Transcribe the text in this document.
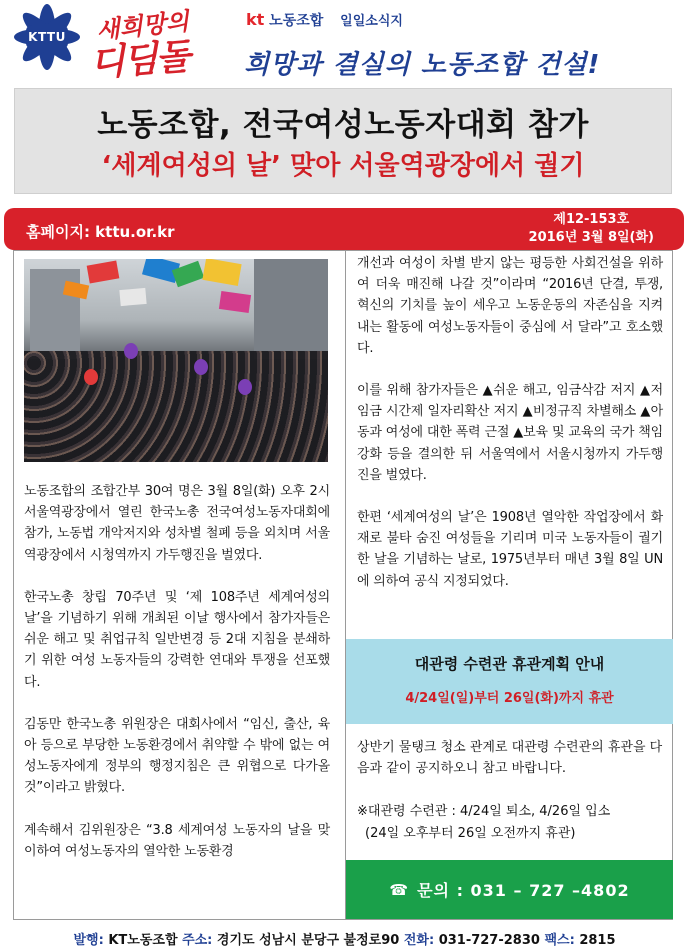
KTTU 새희망의
디딤돌
kt 노동조합 일일소식지
희망과 결실의 노동조합 건설!
노동조합, 전국여성노동자대회 참가
‘세계여성의 날’ 맞아 서울역광장에서 궐기
홈페이지: kttu.or.kr
제12-153호
2016년 3월 8일(화)

노동조합의 조합간부 30여 명은 3월 8일(화) 오후 2시 서울역광장에서 열린 한국노총 전국여성노동자대회에 참가, 노동법 개악저지와 성차별 철폐 등을 외치며 서울역광장에서 시청역까지 가두행진을 벌였다.

한국노총 창립 70주년 및 ‘제 108주년 세계여성의 날’을 기념하기 위해 개최된 이날 행사에서 참가자들은 쉬운 해고 및 취업규칙 일반변경 등 2대 지침을 분쇄하기 위한 여성 노동자들의 강력한 연대와 투쟁을 선포했다.

김동만 한국노총 위원장은 대회사에서 “임신, 출산, 육아 등으로 부당한 노동환경에서 취약할 수 밖에 없는 여성노동자에게 정부의 행정지침은 큰 위협으로 다가올 것”이라고 밝혔다.

계속해서 김위원장은 “3.8 세계여성 노동자의 날을 맞이하여 여성노동자의 열악한 노동환경

개선과 여성이 차별 받지 않는 평등한 사회건설을 위하여 더욱 매진해 나갈 것”이라며 “2016년 단결, 투쟁, 혁신의 기치를 높이 세우고 노동운동의 자존심을 지켜내는 활동에 여성노동자들이 중심에 서 달라”고 호소했다.

이를 위해 참가자들은 ▲쉬운 해고, 임금삭감 저지 ▲저임금 시간제 일자리확산 저지 ▲비정규직 차별해소 ▲아동과 여성에 대한 폭력 근절 ▲보육 및 교육의 국가 책임 강화 등을 결의한 뒤 서울역에서 서울시청까지 가두행진을 벌였다.

한편 ‘세계여성의 날’은 1908년 열악한 작업장에서 화재로 불타 숨진 여성들을 기리며 미국 노동자들이 궐기한 날을 기념하는 날로, 1975년부터 매년 3월 8일 UN에 의하여 공식 지정되었다.

대관령 수련관 휴관계획 안내
4/24일(일)부터 26일(화)까지 휴관
상반기 물탱크 청소 관계로 대관령 수련관의 휴관을 다음과 같이 공지하오니 참고 바랍니다.
※대관령 수련관 : 4/24일 퇴소, 4/26일 입소
(24일 오후부터 26일 오전까지 휴관)
☎ 문의 : 031 – 727 –4802
발행: KT노동조합 주소: 경기도 성남시 분당구 불정로90 전화: 031-727-2830 팩스: 2815
